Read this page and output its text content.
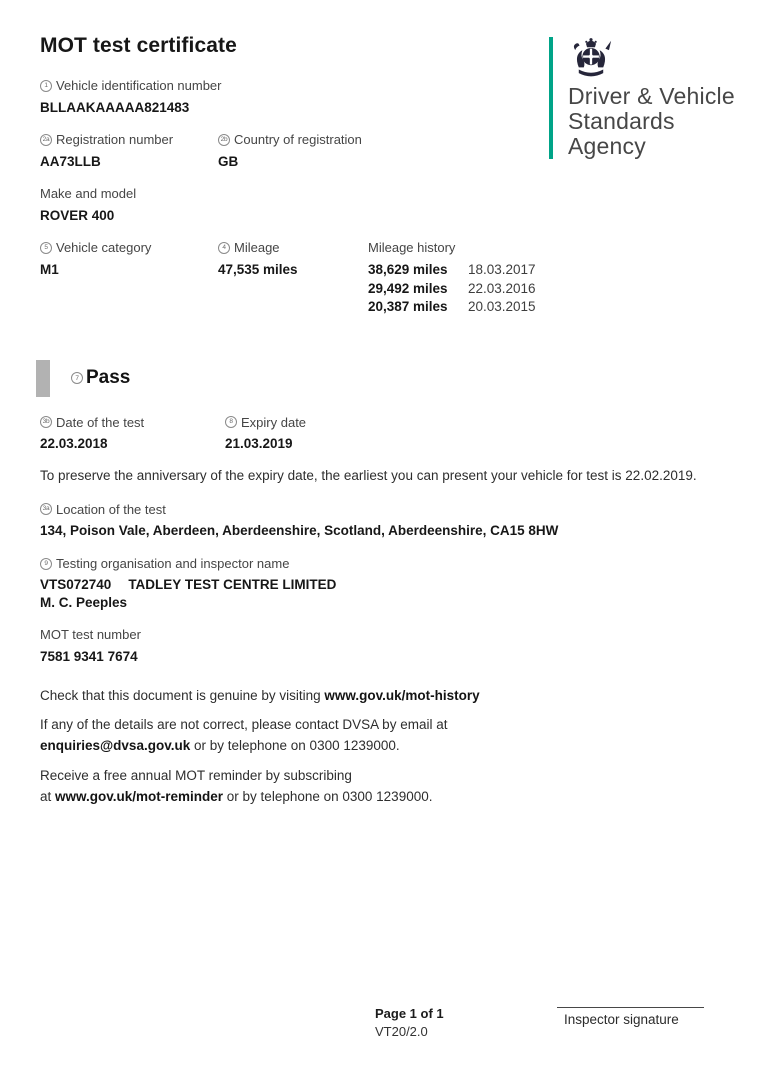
Driver & Vehicle
Standards
Agency
MOT test certificate
1 Vehicle identification number
BLLAAKAAAAA821483
2a Registration number
AA73LLB
2b Country of registration
GB
Make and model
ROVER 400
5 Vehicle category
M1
4 Mileage
47,535 miles
Mileage history
38,629 miles	18.03.2017
29,492 miles	22.03.2016
20,387 miles	20.03.2015
7 Pass
3b Date of the test
22.03.2018
8 Expiry date
21.03.2019

To preserve the anniversary of the expiry date, the earliest you can present your vehicle for test is 22.02.2019.

3a Location of the test
134, Poison Vale, Aberdeen, Aberdeenshire, Scotland, Aberdeenshire, CA15 8HW
9 Testing organisation and inspector name
VTS072740 TADLEY TEST CENTRE LIMITED
M. C. Peeples
MOT test number
7581 9341 7674

Check that this document is genuine by visiting www.gov.uk/mot-history

If any of the details are not correct, please contact DVSA by email at
enquiries@dvsa.gov.uk or by telephone on 0300 1239000.

Receive a free annual MOT reminder by subscribing
at www.gov.uk/mot-reminder or by telephone on 0300 1239000.

Page 1 of 1
VT20/2.0
Inspector signature
